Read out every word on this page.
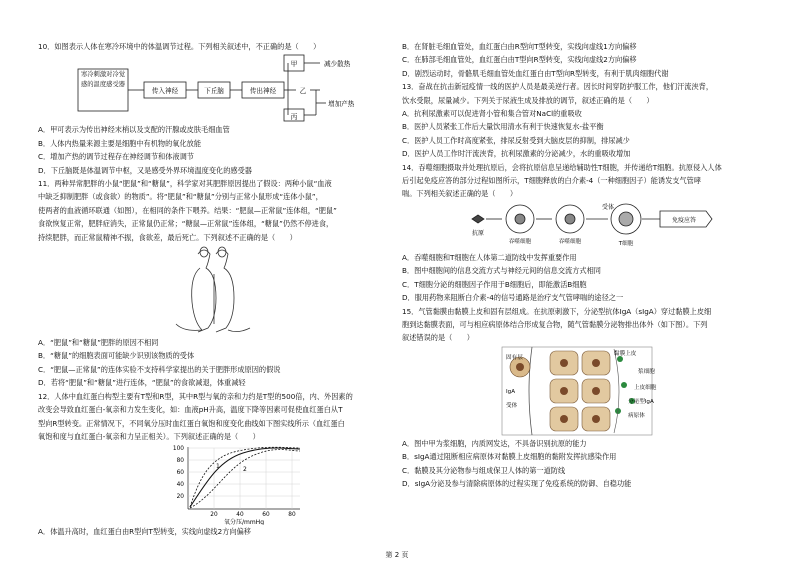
10．如图表示人体在寒冷环境中的体温调节过程。下列相关叙述中，不正确的是（　　）

寒冷刺激对冷觉感的温度感受器
传入神经	下丘脑	传出神经
甲
乙
丙
减少散热
增加产热

A．甲可表示为传出神经末梢以及支配的汗腺或皮肤毛细血管

B．人体内热量来源主要是细胞中有机物的氧化放能

C．增加产热的调节过程存在神经调节和体液调节

D．下丘脑既是体温调节中枢，又是感受外界环境温度变化的感受器

11．两种异常肥胖的小鼠“肥鼠”和“糖鼠”，科学家对其肥胖原因提出了假设：两种小鼠“血液

中缺乏抑制肥胖（或食欲）的物质”。将“肥鼠”和“糖鼠”分别与正常小鼠形成“连体小鼠”，

使两者的血液循环联通（如图），在相同的条件下喂养。结果：“肥鼠—正常鼠”连体组，“肥鼠”

食欲恢复正常，肥胖症消失，正常鼠仍正常；“糖鼠—正常鼠”连体组，“糖鼠”仍然不停进食，

持续肥胖，而正常鼠精神不振，食欲差，最后死亡。下列叙述不正确的是（　　）

A．“肥鼠”和“糖鼠”肥胖的原因不相同

B．“糖鼠”的细胞表面可能缺少识别该物质的受体

C．“肥鼠—正常鼠”的连体实验不支持科学家提出的关于肥胖形成原因的假说

D．若将“肥鼠”和“糖鼠”进行连体，“肥鼠”的食欲减退，体重减轻

12．人体中血红蛋白构型主要有T型和R型，其中R型与氧的亲和力约是T型的500倍，内、外因素的

改变会导致血红蛋白-氧亲和力发生变化，如：血液pH升高，温度下降等因素可促使血红蛋白从T

型向R型转变。正常情况下，不同氧分压时血红蛋白氧饱和度变化曲线如下图实线所示（血红蛋白

氧饱和度与血红蛋白-氧亲和力呈正相关）。下列叙述正确的是（　　）

100
80
60
40
20
20	40	60	80
氧分压/mmHg
1	2

A．体温升高时，血红蛋白由R型向T型转变，实线向虚线2方向偏移

B．在肾脏毛细血管处，血红蛋白由R型向T型转变，实线向虚线1方向偏移

C．在肺部毛细血管处，血红蛋白由T型向R型转变，实线向虚线2方向偏移

D．剧烈运动时，骨骼肌毛细血管处血红蛋白由T型向R型转变，有利于肌肉细胞代谢

13．奋战在抗击新冠疫情一线的医护人员是最美逆行者。因长时间穿防护服工作，他们汗流浃背，

饮水受限，尿量减少。下列关于尿液生成及排放的调节，叙述正确的是（　　）

A．抗利尿激素可以促进肾小管和集合管对NaCl的重吸收

B．医护人员紧张工作后大量饮用清水有利于快速恢复水-盐平衡

C．医护人员工作时高度紧张，排尿反射受到大脑皮层的抑制，排尿减少

D．医护人员工作时汗流浃背，抗利尿激素的分泌减少，水的重吸收增加

14．吞噬细胞摄取并处理抗原后，会将抗原信息呈递给辅助性T细胞，并传递给T细胞。抗原侵入人体

后引起免疫应答的部分过程如图所示，T细胞释放的白介素-4（一种细胞因子）能诱发支气管哮

喘。下列相关叙述正确的是（　　）

受体
抗原
吞噬细胞	吞噬细胞	T细胞
免疫应答

A．吞噬细胞和T细胞在人体第二道防线中发挥重要作用

B．图中细胞间的信息交流方式与神经元间的信息交流方式相同

C．T细胞分泌的细胞因子作用于B细胞后，即能激活B细胞

D．服用药物来阻断白介素-4的信号通路是治疗支气管哮喘的途径之一

15．气管黏膜由黏膜上皮和固有层组成。在抗原刺激下，分泌型抗体IgA（sIgA）穿过黏膜上皮细

胞到达黏膜表面，可与相应病原体结合形成复合物，随气管黏膜分泌物排出体外（如下图）。下列

叙述错误的是（　　）

固有层
IgA
受体
黏膜上皮
浆细胞
上皮细胞
分泌型IgA
病原体

A．图中甲为浆细胞，内质网发达，不具备识别抗原的能力

B．sIgA通过阻断相应病原体对黏膜上皮细胞的黏附发挥抗感染作用

C．黏膜及其分泌物参与组成保卫人体的第一道防线

D．sIgA分泌及参与清除病原体的过程实现了免疫系统的防御、自稳功能

第 2 页
